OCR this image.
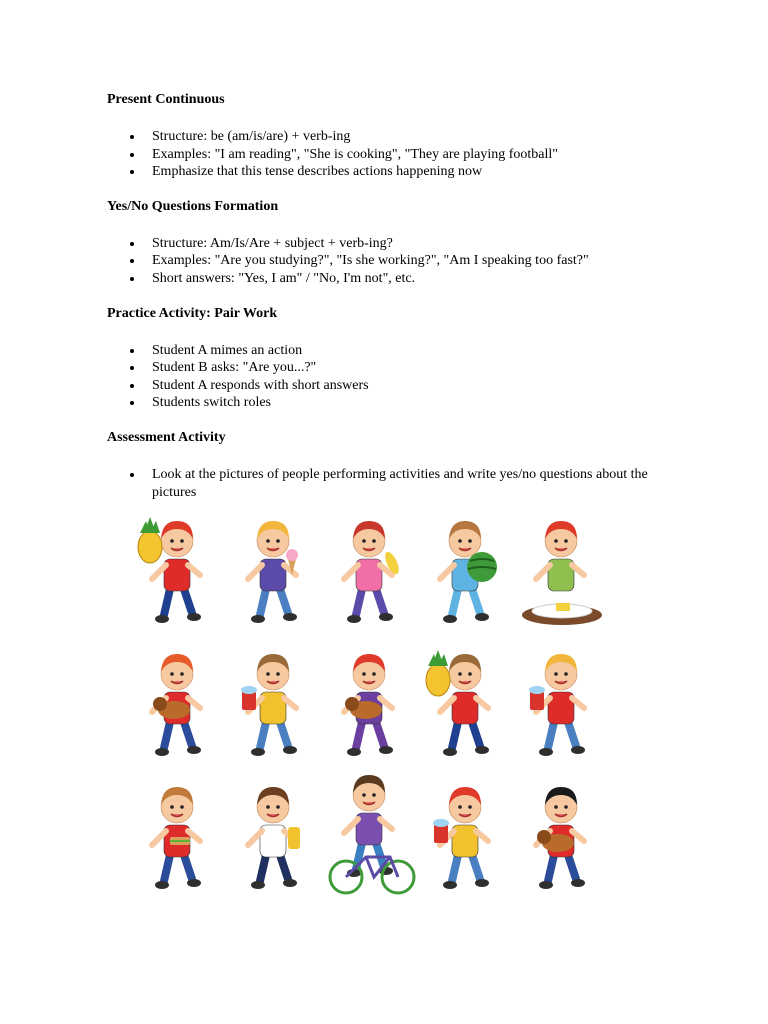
Present Continuous
Structure: be (am/is/are) + verb-ing
Examples: "I am reading", "She is cooking", "They are playing football"
Emphasize that this tense describes actions happening now
Yes/No Questions Formation
Structure: Am/Is/Are + subject + verb-ing?
Examples: "Are you studying?", "Is she working?", "Am I speaking too fast?"
Short answers: "Yes, I am" / "No, I'm not", etc.
Practice Activity: Pair Work
Student A mimes an action
Student B asks: "Are you...?"
Student A responds with short answers
Students switch roles
Assessment Activity
Look at the pictures of people performing activities and write yes/no questions about the pictures
